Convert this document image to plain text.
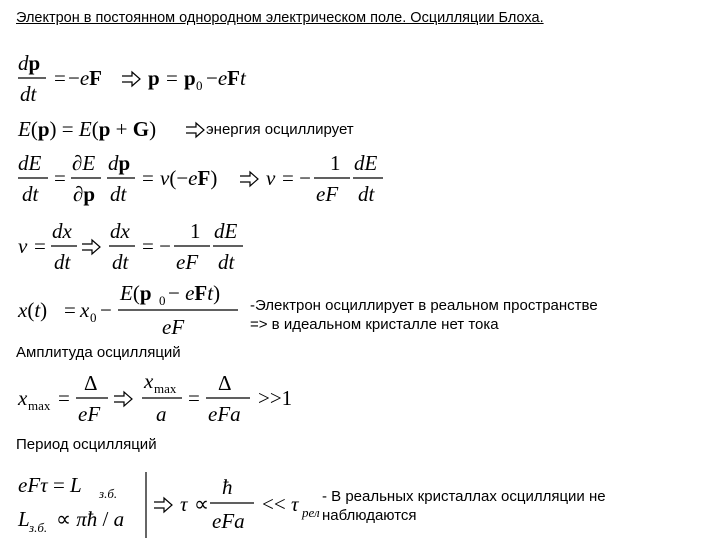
Электрон в постоянном однородном электрическом поле. Осцилляции Блоха.
dp
dt
= −eF p = p 0 −eFt
E(p) = E(p + G)	энергия осциллирует
dE
dt
=
∂E
∂p
dp
dt
= v(−eF) v = −
1
eF
dE
dt
v =
dx
dt
dx
dt
= −
1
eF
dE
dt
x(t) = x 0 −
E(p 0 − eFt)
eF
-Электрон осциллирует в реальном пространстве
=> в идеальном кристалле нет тока
Амплитуда осцилляций
x max =
Δ
eF
x max
a
=
Δ
eFa
>>1
Период осцилляций
eFτ = L з.б.
L з.б. ∝ πħ / a
τ ∝
ħ
eFa
<< τ рел
- В реальных кристаллах осцилляции не
наблюдаются
